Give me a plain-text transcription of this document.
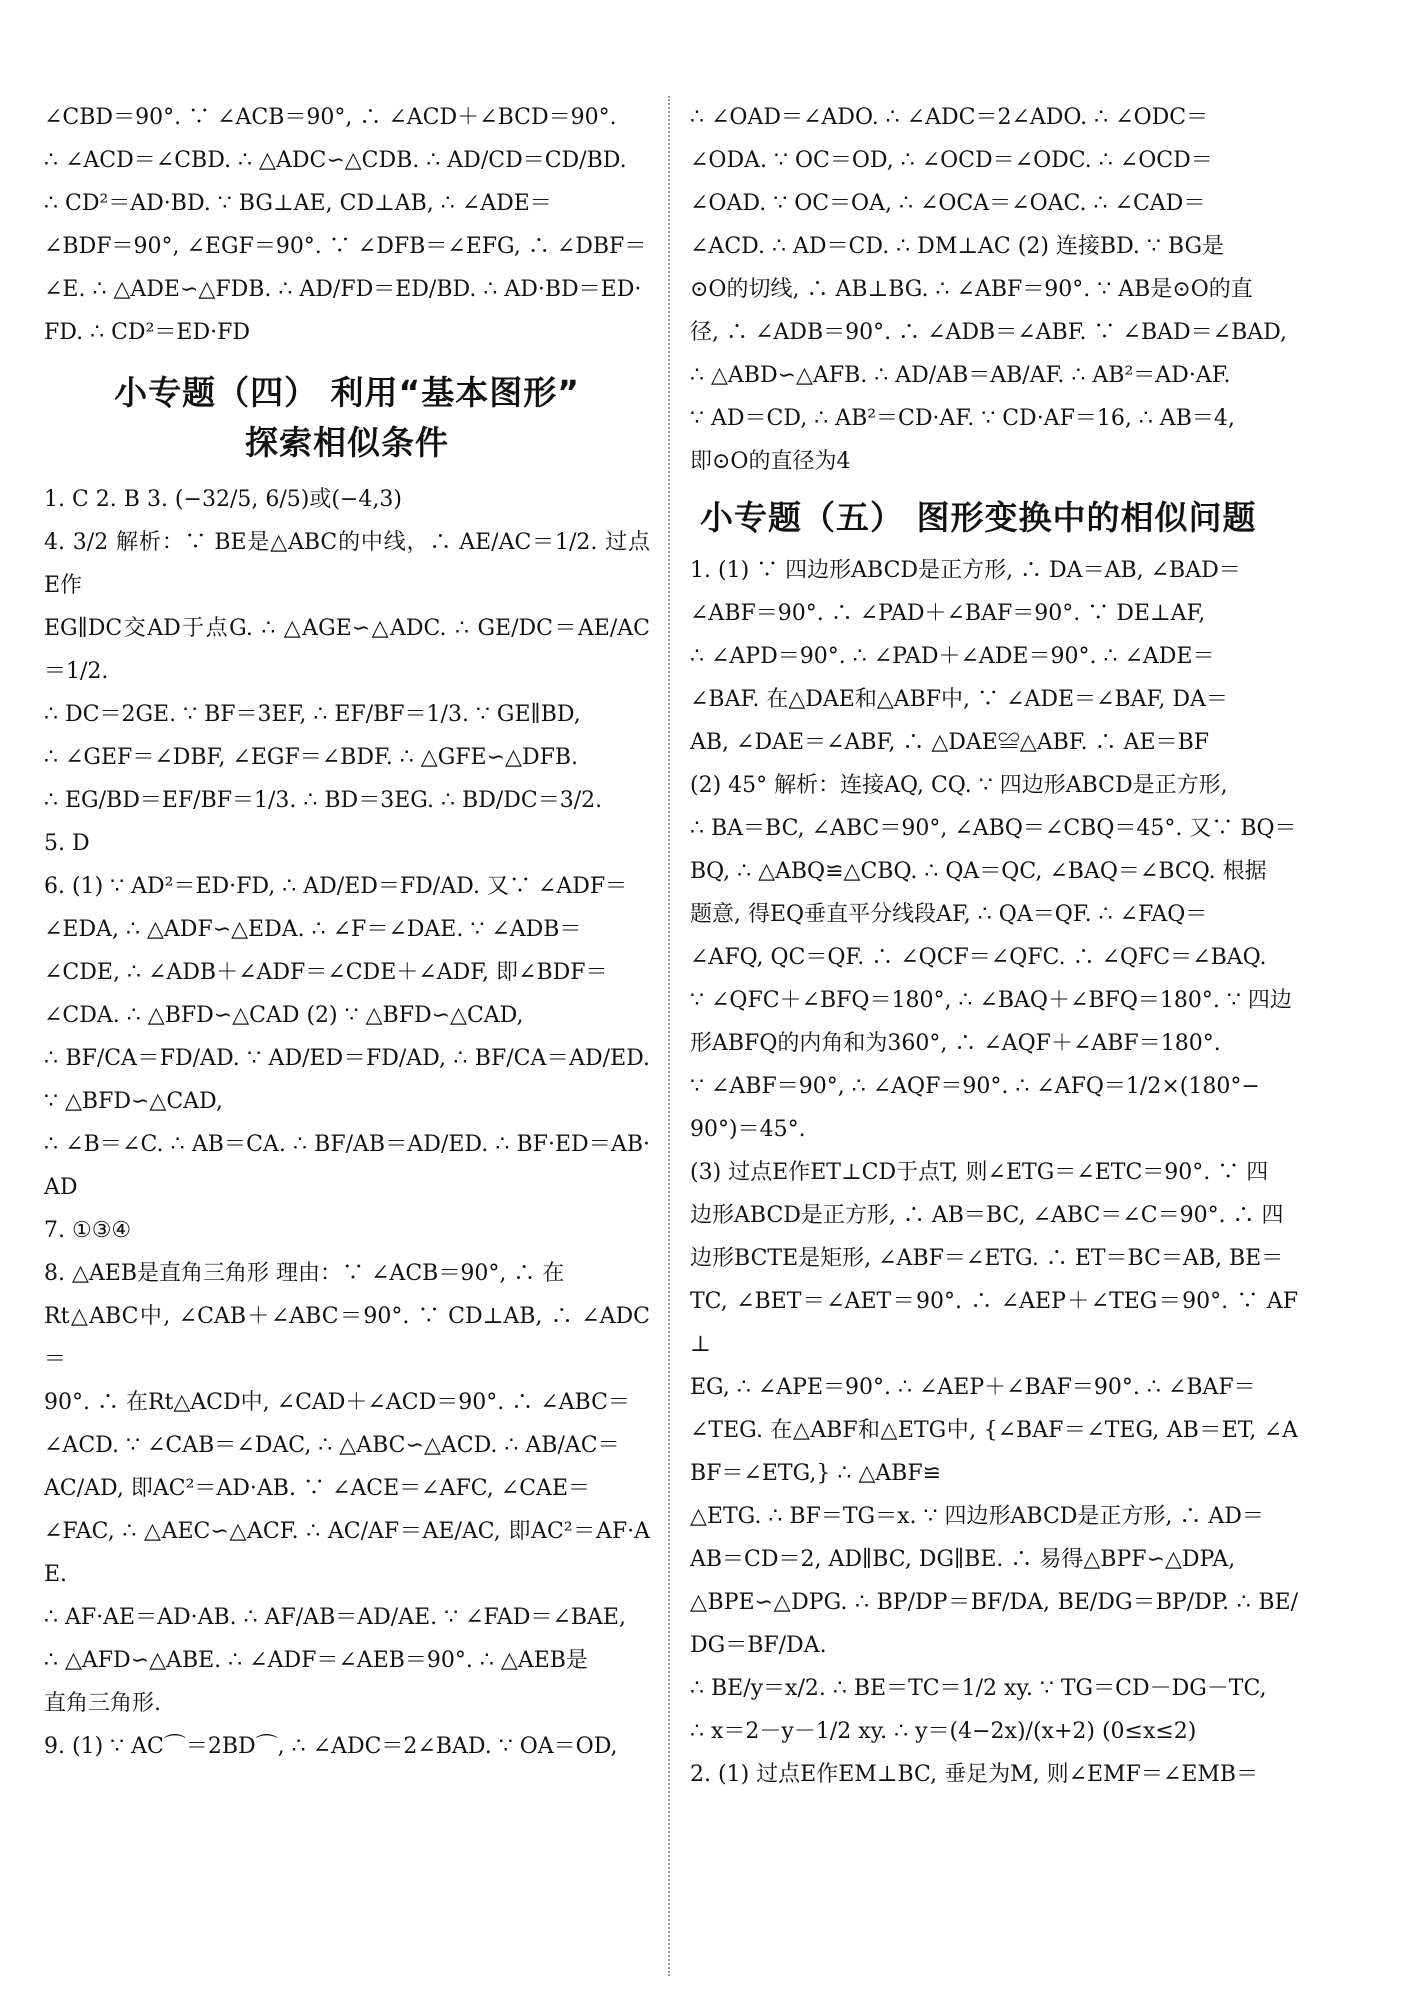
∠CBD＝90°. ∵ ∠ACB＝90°, ∴ ∠ACD＋∠BCD＝90°.

∴ ∠ACD＝∠CBD. ∴ △ADC∽△CDB. ∴ AD/CD＝CD/BD.

∴ CD²＝AD·BD. ∵ BG⊥AE, CD⊥AB, ∴ ∠ADE＝

∠BDF＝90°, ∠EGF＝90°. ∵ ∠DFB＝∠EFG, ∴ ∠DBF＝

∠E. ∴ △ADE∽△FDB. ∴ AD/FD＝ED/BD. ∴ AD·BD＝ED·

FD. ∴ CD²＝ED·FD

小专题（四） 利用“基本图形”
探索相似条件

1. C 2. B 3. (−32/5, 6/5)或(−4,3)

4. 3/2 解析：∵ BE是△ABC的中线，∴ AE/AC＝1/2. 过点E作

EG∥DC交AD于点G. ∴ △AGE∽△ADC. ∴ GE/DC＝AE/AC＝1/2.

∴ DC＝2GE. ∵ BF＝3EF, ∴ EF/BF＝1/3. ∵ GE∥BD,

∴ ∠GEF＝∠DBF, ∠EGF＝∠BDF. ∴ △GFE∽△DFB.

∴ EG/BD＝EF/BF＝1/3. ∴ BD＝3EG. ∴ BD/DC＝3/2.

5. D

6. (1) ∵ AD²＝ED·FD, ∴ AD/ED＝FD/AD. 又∵ ∠ADF＝

∠EDA, ∴ △ADF∽△EDA. ∴ ∠F＝∠DAE. ∵ ∠ADB＝

∠CDE, ∴ ∠ADB＋∠ADF＝∠CDE＋∠ADF, 即∠BDF＝

∠CDA. ∴ △BFD∽△CAD (2) ∵ △BFD∽△CAD,

∴ BF/CA＝FD/AD. ∵ AD/ED＝FD/AD, ∴ BF/CA＝AD/ED. ∵ △BFD∽△CAD,

∴ ∠B＝∠C. ∴ AB＝CA. ∴ BF/AB＝AD/ED. ∴ BF·ED＝AB·AD

7. ①③④

8. △AEB是直角三角形 理由：∵ ∠ACB＝90°, ∴ 在

Rt△ABC中, ∠CAB＋∠ABC＝90°. ∵ CD⊥AB, ∴ ∠ADC＝

90°. ∴ 在Rt△ACD中, ∠CAD＋∠ACD＝90°. ∴ ∠ABC＝

∠ACD. ∵ ∠CAB＝∠DAC, ∴ △ABC∽△ACD. ∴ AB/AC＝

AC/AD, 即AC²＝AD·AB. ∵ ∠ACE＝∠AFC, ∠CAE＝

∠FAC, ∴ △AEC∽△ACF. ∴ AC/AF＝AE/AC, 即AC²＝AF·AE.

∴ AF·AE＝AD·AB. ∴ AF/AB＝AD/AE. ∵ ∠FAD＝∠BAE,

∴ △AFD∽△ABE. ∴ ∠ADF＝∠AEB＝90°. ∴ △AEB是

直角三角形.

9. (1) ∵ AC⌒＝2BD⌒, ∴ ∠ADC＝2∠BAD. ∵ OA＝OD,

∴ ∠OAD＝∠ADO. ∴ ∠ADC＝2∠ADO. ∴ ∠ODC＝

∠ODA. ∵ OC＝OD, ∴ ∠OCD＝∠ODC. ∴ ∠OCD＝

∠OAD. ∵ OC＝OA, ∴ ∠OCA＝∠OAC. ∴ ∠CAD＝

∠ACD. ∴ AD＝CD. ∴ DM⊥AC (2) 连接BD. ∵ BG是

⊙O的切线, ∴ AB⊥BG. ∴ ∠ABF＝90°. ∵ AB是⊙O的直

径, ∴ ∠ADB＝90°. ∴ ∠ADB＝∠ABF. ∵ ∠BAD＝∠BAD,

∴ △ABD∽△AFB. ∴ AD/AB＝AB/AF. ∴ AB²＝AD·AF.

∵ AD＝CD, ∴ AB²＝CD·AF. ∵ CD·AF＝16, ∴ AB＝4,

即⊙O的直径为4

小专题（五） 图形变换中的相似问题

1. (1) ∵ 四边形ABCD是正方形, ∴ DA＝AB, ∠BAD＝

∠ABF＝90°. ∴ ∠PAD＋∠BAF＝90°. ∵ DE⊥AF,

∴ ∠APD＝90°. ∴ ∠PAD＋∠ADE＝90°. ∴ ∠ADE＝

∠BAF. 在△DAE和△ABF中, ∵ ∠ADE＝∠BAF, DA＝

AB, ∠DAE＝∠ABF, ∴ △DAE≌△ABF. ∴ AE＝BF

(2) 45° 解析：连接AQ, CQ. ∵ 四边形ABCD是正方形,

∴ BA＝BC, ∠ABC＝90°, ∠ABQ＝∠CBQ＝45°. 又∵ BQ＝

BQ, ∴ △ABQ≌△CBQ. ∴ QA＝QC, ∠BAQ＝∠BCQ. 根据

题意, 得EQ垂直平分线段AF, ∴ QA＝QF. ∴ ∠FAQ＝

∠AFQ, QC＝QF. ∴ ∠QCF＝∠QFC. ∴ ∠QFC＝∠BAQ.

∵ ∠QFC＋∠BFQ＝180°, ∴ ∠BAQ＋∠BFQ＝180°. ∵ 四边

形ABFQ的内角和为360°, ∴ ∠AQF＋∠ABF＝180°.

∵ ∠ABF＝90°, ∴ ∠AQF＝90°. ∴ ∠AFQ＝1/2×(180°−

90°)＝45°.

(3) 过点E作ET⊥CD于点T, 则∠ETG＝∠ETC＝90°. ∵ 四

边形ABCD是正方形, ∴ AB＝BC, ∠ABC＝∠C＝90°. ∴ 四

边形BCTE是矩形, ∠ABF＝∠ETG. ∴ ET＝BC＝AB, BE＝

TC, ∠BET＝∠AET＝90°. ∴ ∠AEP＋∠TEG＝90°. ∵ AF⊥

EG, ∴ ∠APE＝90°. ∴ ∠AEP＋∠BAF＝90°. ∴ ∠BAF＝

∠TEG. 在△ABF和△ETG中, {∠BAF＝∠TEG, AB＝ET, ∠ABF＝∠ETG,} ∴ △ABF≌

△ETG. ∴ BF＝TG＝x. ∵ 四边形ABCD是正方形, ∴ AD＝

AB＝CD＝2, AD∥BC, DG∥BE. ∴ 易得△BPF∽△DPA,

△BPE∽△DPG. ∴ BP/DP＝BF/DA, BE/DG＝BP/DP. ∴ BE/DG＝BF/DA.

∴ BE/y＝x/2. ∴ BE＝TC＝1/2 xy. ∵ TG＝CD－DG－TC,

∴ x＝2－y－1/2 xy. ∴ y＝(4−2x)/(x+2) (0≤x≤2)

2. (1) 过点E作EM⊥BC, 垂足为M, 则∠EMF＝∠EMB＝
